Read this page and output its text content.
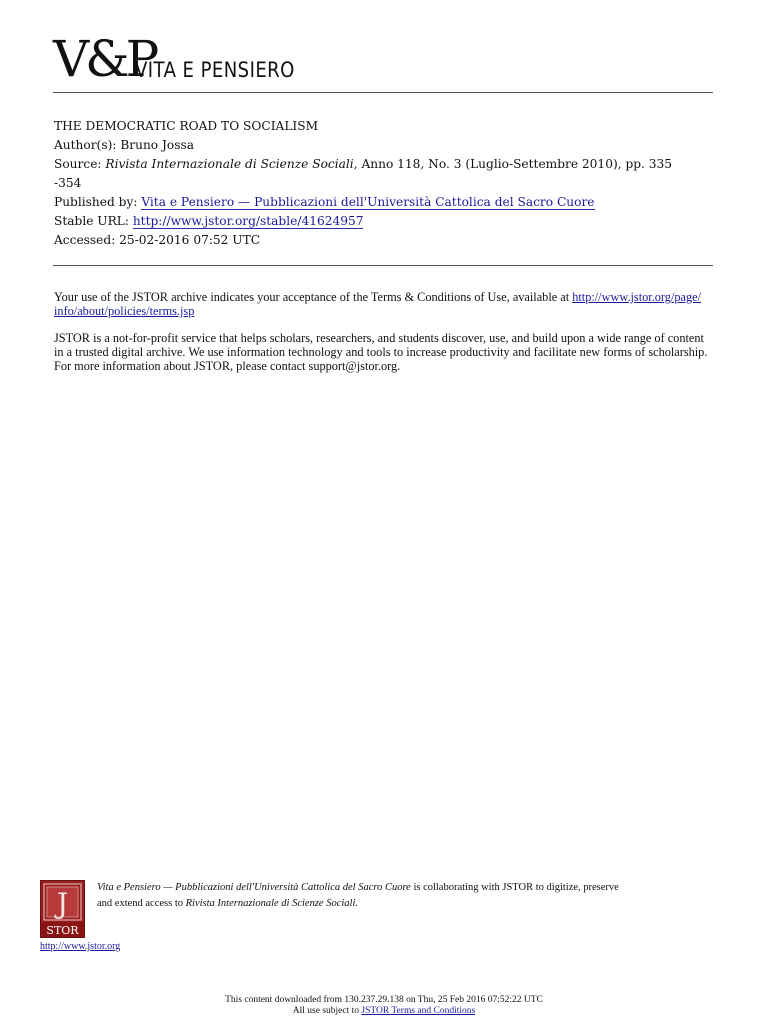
V&P
VITA E PENSIERO
THE DEMOCRATIC ROAD TO SOCIALISM
Author(s): Bruno Jossa
Source: Rivista Internazionale di Scienze Sociali, Anno 118, No. 3 (Luglio-Settembre 2010), pp. 335
-354
Published by: Vita e Pensiero — Pubblicazioni dell'Università Cattolica del Sacro Cuore
Stable URL: http://www.jstor.org/stable/41624957
Accessed: 25-02-2016 07:52 UTC
Your use of the JSTOR archive indicates your acceptance of the Terms & Conditions of Use, available at http://www.jstor.org/page/
info/about/policies/terms.jsp
JSTOR is a not-for-profit service that helps scholars, researchers, and students discover, use, and build upon a wide range of content
in a trusted digital archive. We use information technology and tools to increase productivity and facilitate new forms of scholarship.
For more information about JSTOR, please contact support@jstor.org.
J
STOR
Vita e Pensiero — Pubblicazioni dell'Università Cattolica del Sacro Cuore is collaborating with JSTOR to digitize, preserve
and extend access to Rivista Internazionale di Scienze Sociali.
http://www.jstor.org
This content downloaded from 130.237.29.138 on Thu, 25 Feb 2016 07:52:22 UTC
All use subject to JSTOR Terms and Conditions
